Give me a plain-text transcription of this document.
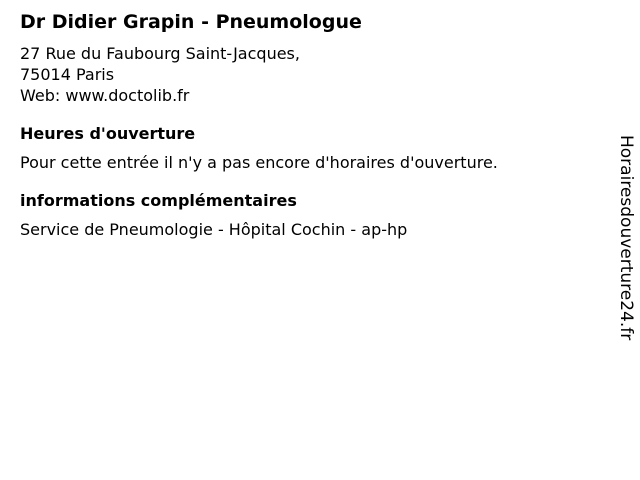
Dr Didier Grapin - Pneumologue
27 Rue du Faubourg Saint-Jacques,
75014 Paris
Web: www.doctolib.fr
Heures d'ouverture
Pour cette entrée il n'y a pas encore d'horaires d'ouverture.
informations complémentaires
Service de Pneumologie - Hôpital Cochin - ap-hp	Horairesdouverture24.fr
